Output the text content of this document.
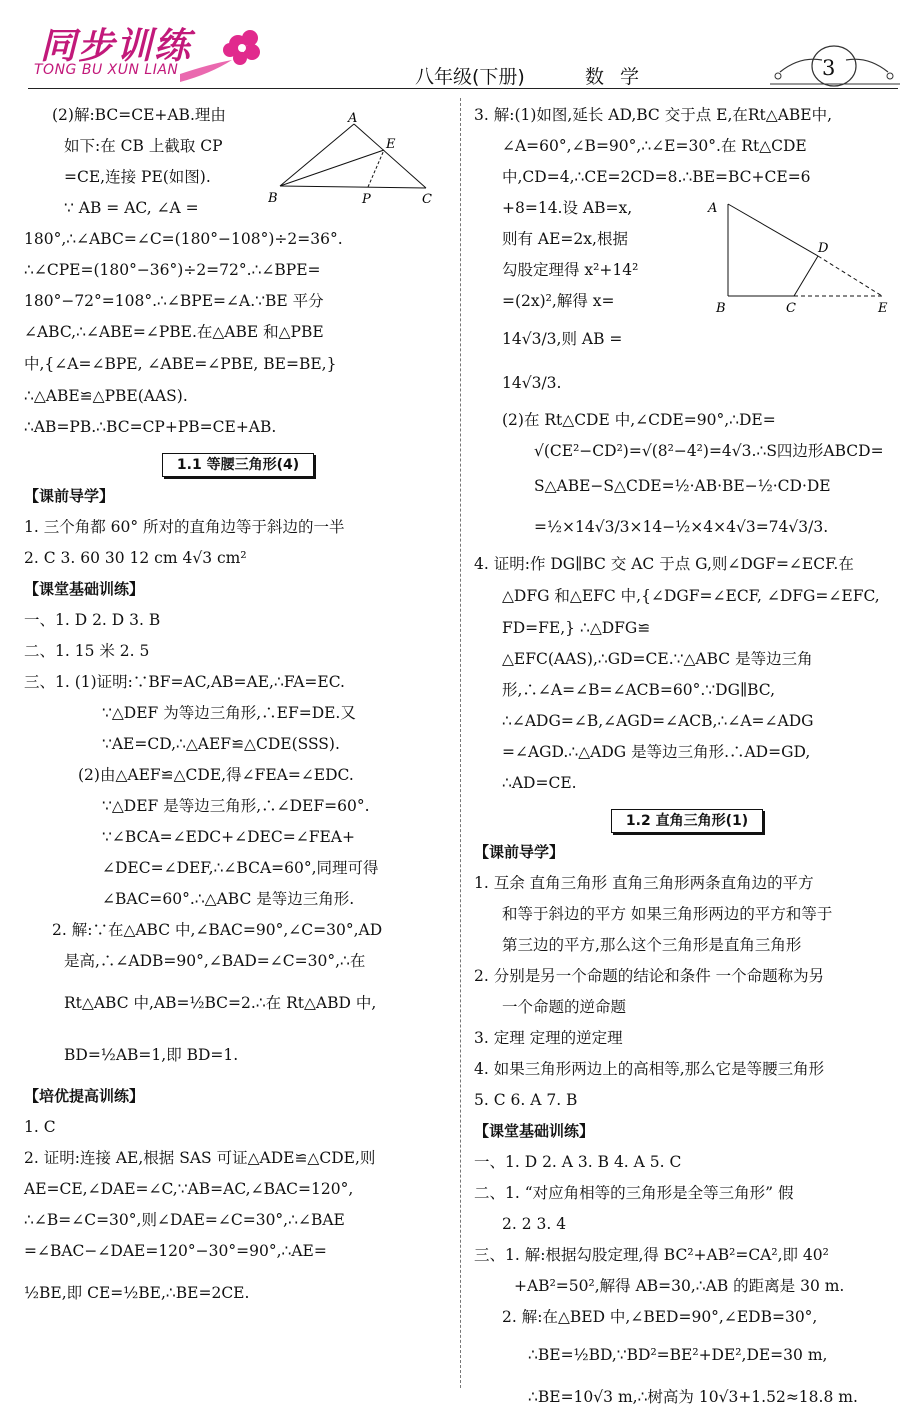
同步训练
TONG BU XUN LIAN	八年级(下册)	数学	3
A
E
B	P	C
A
D
B	C	E

(2)解:BC=CE+AB.理由

如下:在 CB 上截取 CP

=CE,连接 PE(如图).

∵ AB = AC, ∠A =

180°,∴∠ABC=∠C=(180°−108°)÷2=36°.

∴∠CPE=(180°−36°)÷2=72°.∴∠BPE=

180°−72°=108°.∴∠BPE=∠A.∵BE 平分

∠ABC,∴∠ABE=∠PBE.在△ABE 和△PBE

中,{∠A=∠BPE, ∠ABE=∠PBE, BE=BE,} ∴△ABE≌△PBE(AAS).

∴AB=PB.∴BC=CP+PB=CE+AB.

1.1 等腰三角形(4)

【课前导学】

1. 三个角都 60° 所对的直角边等于斜边的一半

2. C 3. 60 30 12 cm 4√3 cm²

【课堂基础训练】

一、1. D 2. D 3. B

二、1. 15 米 2. 5

三、1. (1)证明:∵BF=AC,AB=AE,∴FA=EC.

∵△DEF 为等边三角形,∴EF=DE.又

∵AE=CD,∴△AEF≌△CDE(SSS).

(2)由△AEF≌△CDE,得∠FEA=∠EDC.

∵△DEF 是等边三角形,∴∠DEF=60°.

∵∠BCA=∠EDC+∠DEC=∠FEA+

∠DEC=∠DEF,∴∠BCA=60°,同理可得

∠BAC=60°.∴△ABC 是等边三角形.

2. 解:∵在△ABC 中,∠BAC=90°,∠C=30°,AD

是高,∴∠ADB=90°,∠BAD=∠C=30°,∴在

Rt△ABC 中,AB=½BC=2.∴在 Rt△ABD 中,

BD=½AB=1,即 BD=1.

【培优提高训练】

1. C

2. 证明:连接 AE,根据 SAS 可证△ADE≌△CDE,则

AE=CE,∠DAE=∠C,∵AB=AC,∠BAC=120°,

∴∠B=∠C=30°,则∠DAE=∠C=30°,∴∠BAE

=∠BAC−∠DAE=120°−30°=90°,∴AE=

½BE,即 CE=½BE,∴BE=2CE.

3. 解:(1)如图,延长 AD,BC 交于点 E,在Rt△ABE中,

∠A=60°,∠B=90°,∴∠E=30°.在 Rt△CDE

中,CD=4,∴CE=2CD=8.∴BE=BC+CE=6

+8=14.设 AB=x,

则有 AE=2x,根据

勾股定理得 x²+14²

=(2x)²,解得 x=

14√3/3,则 AB =

14√3/3.

(2)在 Rt△CDE 中,∠CDE=90°,∴DE=

√(CE²−CD²)=√(8²−4²)=4√3.∴S四边形ABCD=

S△ABE−S△CDE=½·AB·BE−½·CD·DE

=½×14√3/3×14−½×4×4√3=74√3/3.

4. 证明:作 DG∥BC 交 AC 于点 G,则∠DGF=∠ECF.在

△DFG 和△EFC 中,{∠DGF=∠ECF, ∠DFG=∠EFC, FD=FE,} ∴△DFG≌

△EFC(AAS),∴GD=CE.∵△ABC 是等边三角

形,∴∠A=∠B=∠ACB=60°.∵DG∥BC,

∴∠ADG=∠B,∠AGD=∠ACB,∴∠A=∠ADG

=∠AGD.∴△ADG 是等边三角形.∴AD=GD,

∴AD=CE.

1.2 直角三角形(1)

【课前导学】

1. 互余 直角三角形 直角三角形两条直角边的平方

和等于斜边的平方 如果三角形两边的平方和等于

第三边的平方,那么这个三角形是直角三角形

2. 分别是另一个命题的结论和条件 一个命题称为另

一个命题的逆命题

3. 定理 定理的逆定理

4. 如果三角形两边上的高相等,那么它是等腰三角形

5. C 6. A 7. B

【课堂基础训练】

一、1. D 2. A 3. B 4. A 5. C

二、1. “对应角相等的三角形是全等三角形” 假

2. 2 3. 4

三、1. 解:根据勾股定理,得 BC²+AB²=CA²,即 40²

+AB²=50²,解得 AB=30,∴AB 的距离是 30 m.

2. 解:在△BED 中,∠BED=90°,∠EDB=30°,

∴BE=½BD,∵BD²=BE²+DE²,DE=30 m,

∴BE=10√3 m,∴树高为 10√3+1.52≈18.8 m.
